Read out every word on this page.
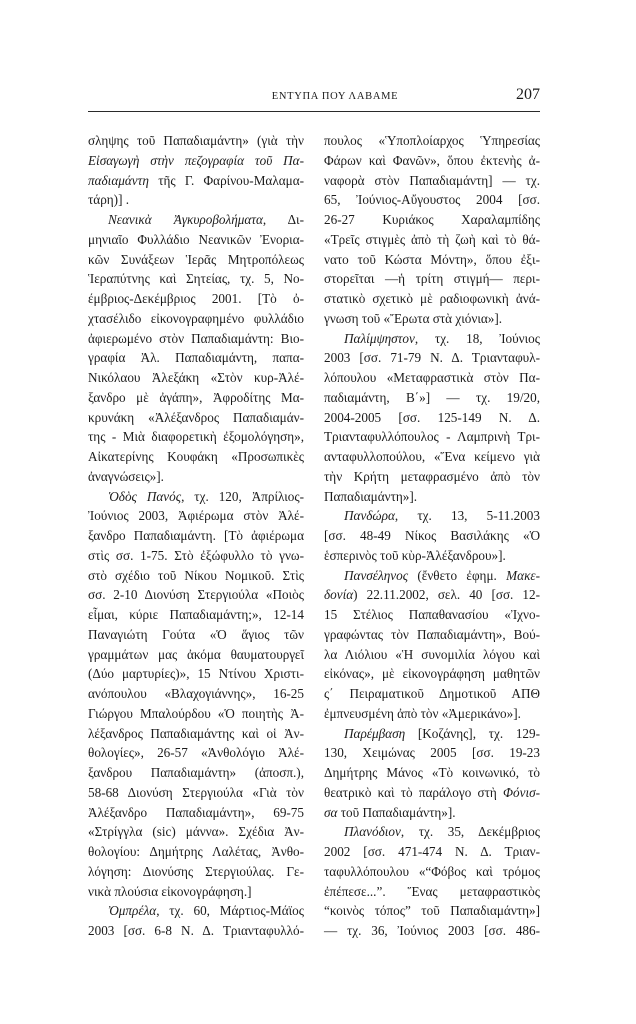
ΕΝΤΥΠΑ ΠΟΥ ΛΑΒΑΜΕ	207
σληψης τοῦ Παπαδιαμάντη» (γιὰ τὴν
Εἰσαγωγὴ στὴν πεζογραφία τοῦ Πα-
παδιαμάντη τῆς Γ. Φαρίνου-Μαλαμα-
τάρη)] .
Νεανικὰ Ἀγκυροβολήματα, Δι-
μηνιαῖο Φυλλάδιο Νεανικῶν Ἐνορια-
κῶν Συνάξεων Ἱερᾶς Μητροπόλεως
Ἱεραπύτνης καὶ Σητείας, τχ. 5, Νο-
έμβριος-Δεκέμβριος 2001. [Τὸ ὀ-
χτασέλιδο εἰκονογραφημένο φυλλάδιο
ἀφιερωμένο στὸν Παπαδιαμάντη: Βιο-
γραφία Ἀλ. Παπαδιαμάντη, παπα-
Νικόλαου Ἀλεξάκη «Στὸν κυρ-Ἀλέ-
ξανδρο μὲ ἀγάπη», Ἀφροδίτης Μα-
κρυνάκη «Ἀλέξανδρος Παπαδιαμάν-
της - Μιὰ διαφορετικὴ ἐξομολόγηση»,
Αἰκατερίνης Κουφάκη «Προσωπικὲς
ἀναγνώσεις»].
Ὁδὸς Πανός, τχ. 120, Ἀπρίλιος-
Ἰούνιος 2003, Ἀφιέρωμα στὸν Ἀλέ-
ξανδρο Παπαδιαμάντη. [Τὸ ἀφιέρωμα
στὶς σσ. 1-75. Στὸ ἐξώφυλλο τὸ γνω-
στὸ σχέδιο τοῦ Νίκου Νομικοῦ. Στὶς
σσ. 2-10 Διονύση Στεργιούλα «Ποιὸς
εἶμαι, κύριε Παπαδιαμάντη;», 12-14
Παναγιώτη Γούτα «Ὁ ἅγιος τῶν
γραμμάτων μας ἀκόμα θαυματουργεῖ
(Δύο μαρτυρίες)», 15 Ντίνου Χριστι-
ανόπουλου «Βλαχογιάννης», 16-25
Γιώργου Μπαλούρδου «Ὁ ποιητὴς Ἀ-
λέξανδρος Παπαδιαμάντης καὶ οἱ Ἀν-
θολογίες», 26-57 «Ἀνθολόγιο Ἀλέ-
ξανδρου Παπαδιαμάντη» (ἀποσπ.),
58-68 Διονύση Στεργιούλα «Γιὰ τὸν
Ἀλέξανδρο Παπαδιαμάντη», 69-75
«Στρίγγλα (sic) μάννα». Σχέδια Ἀν-
θολογίου: Δημήτρης Λαλέτας, Ἀνθο-
λόγηση: Διονύσης Στεργιούλας. Γε-
νικὰ πλούσια εἰκονογράφηση.]
Ὀμπρέλα, τχ. 60, Μάρτιος-Μάϊος
2003 [σσ. 6-8 Ν. Δ. Τριανταφυλλό-
πουλος «Ὑποπλοίαρχος Ὑπηρεσίας
Φάρων καὶ Φανῶν», ὅπου ἐκτενὴς ἀ-
ναφορὰ στὸν Παπαδιαμάντη] — τχ.
65, Ἰούνιος-Αὔγουστος 2004 [σσ.
26-27 Κυριάκος Χαραλαμπίδης
«Τρεῖς στιγμὲς ἀπὸ τὴ ζωὴ καὶ τὸ θά-
νατο τοῦ Κώστα Μόντη», ὅπου ἐξι-
στορεῖται —ἡ τρίτη στιγμή— περι-
στατικὸ σχετικὸ μὲ ραδιοφωνικὴ ἀνά-
γνωση τοῦ «Ἔρωτα στὰ χιόνια»].
Παλίμψηστον, τχ. 18, Ἰούνιος
2003 [σσ. 71-79 Ν. Δ. Τριανταφυλ-
λόπουλου «Μεταφραστικὰ στὸν Πα-
παδιαμάντη, Β΄»] — τχ. 19/20,
2004-2005 [σσ. 125-149 Ν. Δ.
Τριανταφυλλόπουλος - Λαμπρινὴ Τρι-
ανταφυλλοπούλου, «Ἕνα κείμενο γιὰ
τὴν Κρήτη μεταφρασμένο ἀπὸ τὸν
Παπαδιαμάντη»].
Πανδώρα, τχ. 13, 5-11.2003
[σσ. 48-49 Νίκος Βασιλάκης «Ὁ
ἑσπερινὸς τοῦ κὺρ-Ἀλέξανδρου»].
Πανσέληνος (ἔνθετο ἐφημ. Μακε-
δονία) 22.11.2002, σελ. 40 [σσ. 12-
15 Στέλιος Παπαθανασίου «Ἰχνο-
γραφώντας τὸν Παπαδιαμάντη», Βού-
λα Λιόλιου «Ἡ συνομιλία λόγου καὶ
εἰκόνας», μὲ εἰκονογράφηση μαθητῶν
ς΄ Πειραματικοῦ Δημοτικοῦ ΑΠΘ
ἐμπνευσμένη ἀπὸ τὸν «Ἀμερικάνο»].
Παρέμβαση [Κοζάνης], τχ. 129-
130, Χειμώνας 2005 [σσ. 19-23
Δημήτρης Μάνος «Τὸ κοινωνικό, τὸ
θεατρικὸ καὶ τὸ παράλογο στὴ Φόνισ-
σα τοῦ Παπαδιαμάντη»].
Πλανόδιον, τχ. 35, Δεκέμβριος
2002 [σσ. 471-474 Ν. Δ. Τριαν-
ταφυλλόπουλου «“Φόβος καὶ τρόμος
ἐπέπεσε...”. Ἕνας μεταφραστικὸς
“κοινὸς τόπος” τοῦ Παπαδιαμάντη»]
— τχ. 36, Ἰούνιος 2003 [σσ. 486-
